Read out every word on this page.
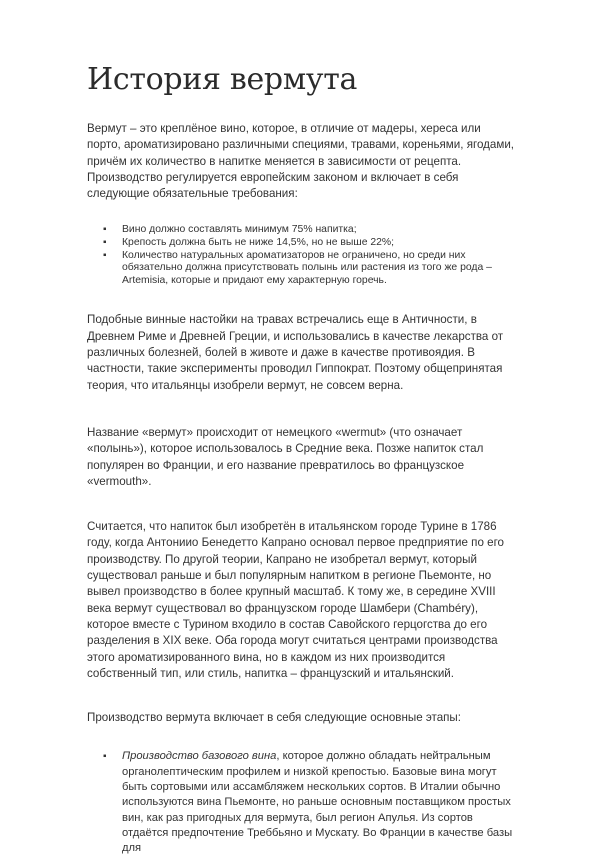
История вермута

Вермут – это креплёное вино, которое, в отличие от мадеры, хереса или порто, ароматизировано различными специями, травами, кореньями, ягодами, причём их количество в напитке меняется в зависимости от рецепта. Производство регулируется европейским законом и включает в себя следующие обязательные требования:

▪ Вино должно составлять минимум 75% напитка;
▪ Крепость должна быть не ниже 14,5%, но не выше 22%;
▪ Количество натуральных ароматизаторов не ограничено, но среди них обязательно должна присутствовать полынь или растения из того же рода – Artemisia, которые и придают ему характерную горечь.

Подобные винные настойки на травах встречались еще в Античности, в Древнем Риме и Древней Греции, и использовались в качестве лекарства от различных болезней, болей в животе и даже в качестве противоядия. В частности, такие эксперименты проводил Гиппократ. Поэтому общепринятая теория, что итальянцы изобрели вермут, не совсем верна.

Название «вермут» происходит от немецкого «wermut» (что означает «полынь»), которое использовалось в Средние века. Позже напиток стал популярен во Франции, и его название превратилось во французское «vermouth».

Считается, что напиток был изобретён в итальянском городе Турине в 1786 году, когда Антониио Бенедетто Капрано основал первое предприятие по его производству. По другой теории, Капрано не изобретал вермут, который существовал раньше и был популярным напитком в регионе Пьемонте, но вывел производство в более крупный масштаб. К тому же, в середине XVIII века вермут существовал во французском городе Шамбери (Chambéry), которое вместе с Турином входило в состав Савойского герцогства до его разделения в XIX веке. Оба города могут считаться центрами производства этого ароматизированного вина, но в каждом из них производится собственный тип, или стиль, напитка – французский и итальянский.

Производство вермута включает в себя следующие основные этапы:

▪ Производство базового вина, которое должно обладать нейтральным органолептическим профилем и низкой крепостью. Базовые вина могут быть сортовыми или ассамбляжем нескольких сортов. В Италии обычно используются вина Пьемонте, но раньше основным поставщиком простых вин, как раз пригодных для вермута, был регион Апулья. Из сортов отдаётся предпочтение Треббьяно и Мускату. Во Франции в качестве базы для
